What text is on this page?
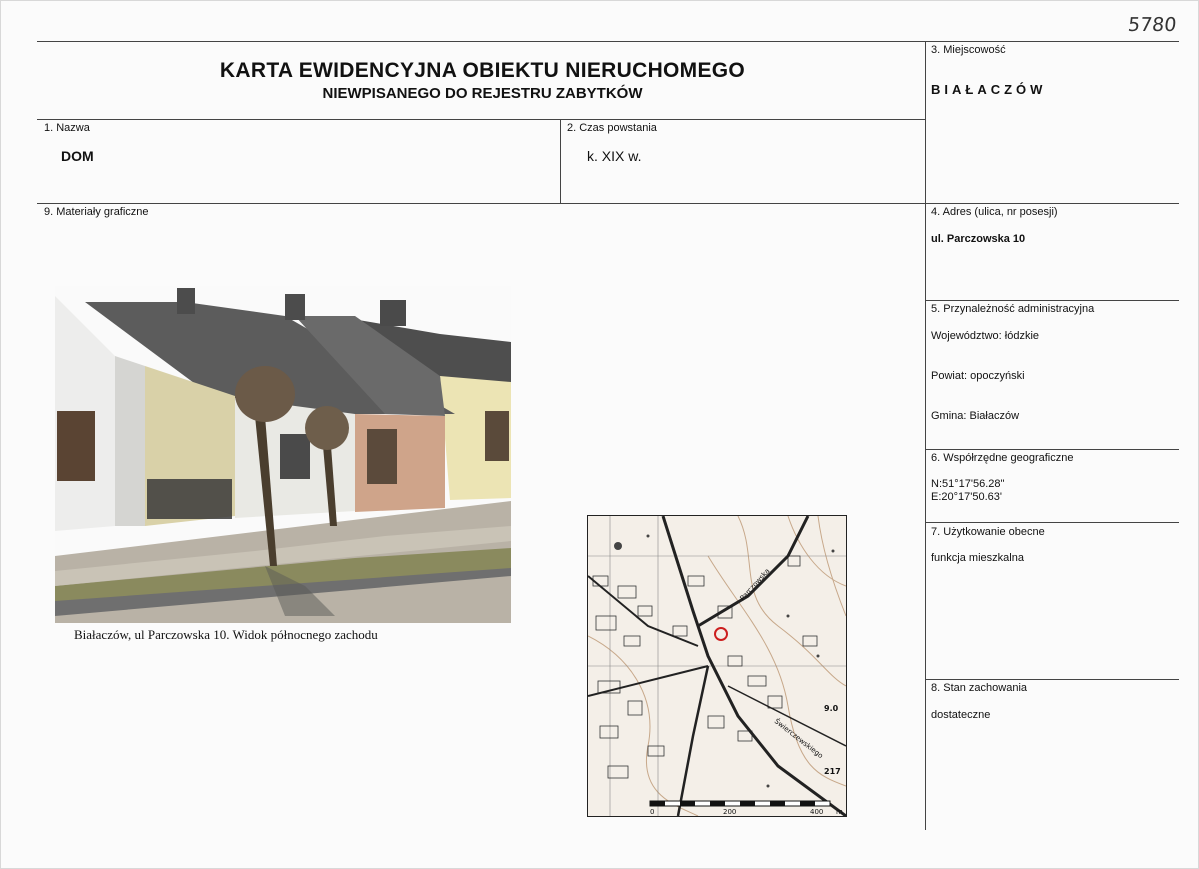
5780
KARTA EWIDENCYJNA OBIEKTU NIERUCHOMEGO
NIEWPISANEGO DO REJESTRU ZABYTKÓW
3. Miejscowość
BIAŁACZÓW
1. Nazwa
DOM
2. Czas powstania
k. XIX w.
9. Materiały graficzne	4. Adres (ulica, nr posesji)
ul. Parczowska 10
5. Przynależność administracyjna
Województwo: łódzkie
Powiat: opoczyński
Gmina: Białaczów
6. Współrzędne geograficzne
N:51°17'56.28"
E:20°17'50.63'
7. Użytkowanie obecne
funkcja mieszkalna
8. Stan zachowania
dostateczne
Białaczów, ul Parczowska 10. Widok północnego zachodu
Parczowska
Świerczewskiego
9.0
217
0	200	400 m
